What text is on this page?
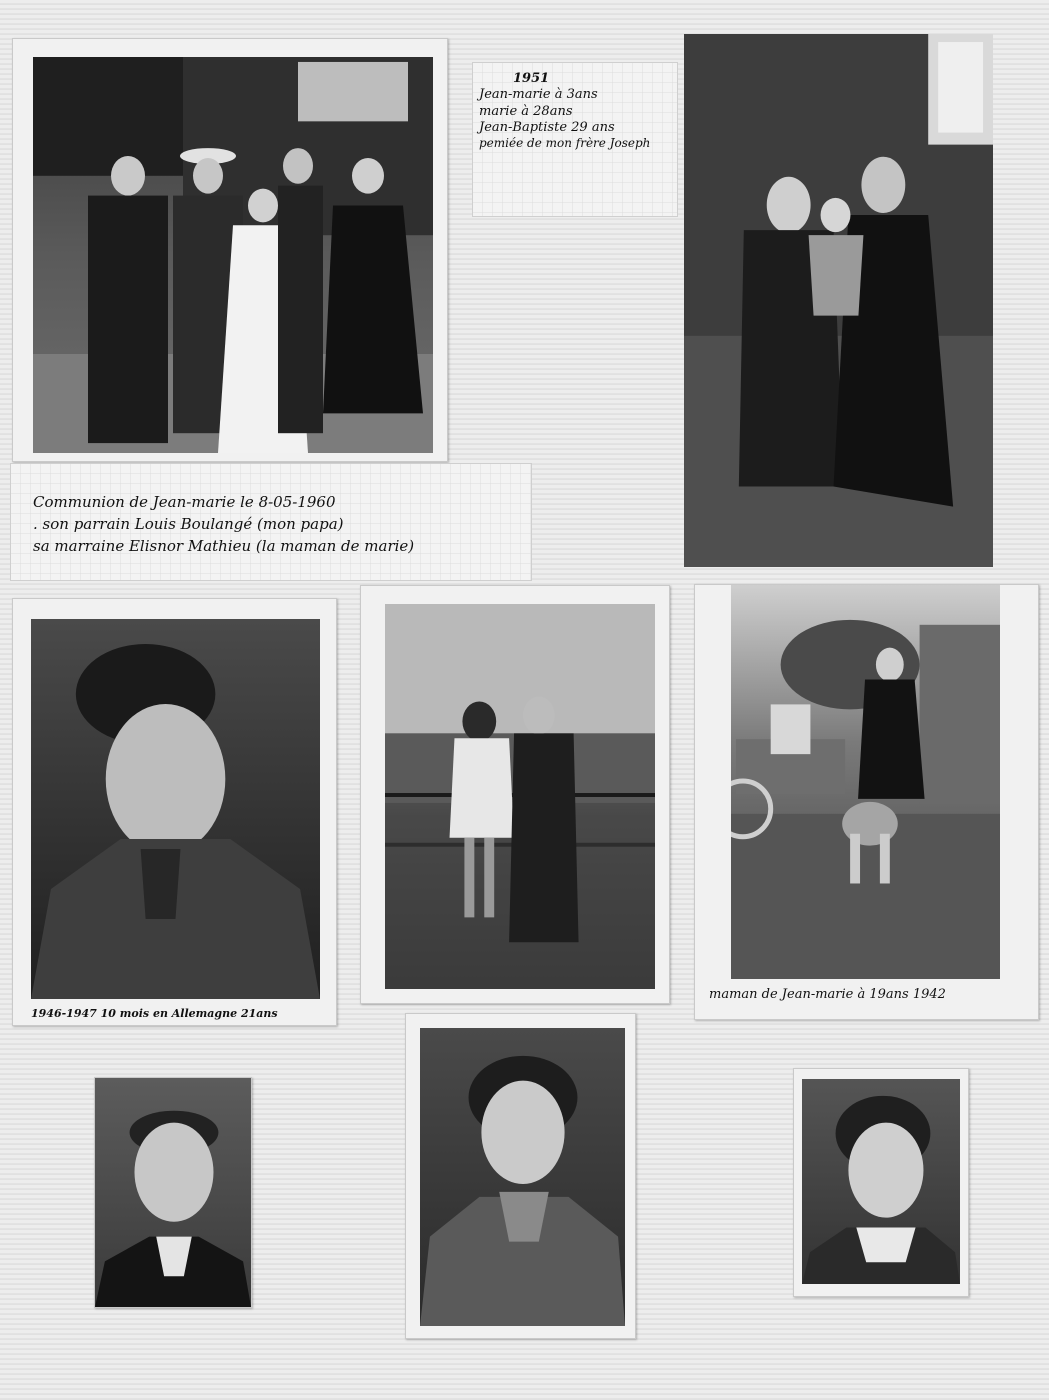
1951
Jean-marie à 3ans
marie à 28ans
Jean-Baptiste 29 ans
pemiée de mon frère Joseph
Communion de Jean-marie le 8-05-1960
. son parrain Louis Boulangé (mon papa)
sa marraine Elisnor Mathieu (la maman de marie)
1946-1947 10 mois en Allemagne 21ans
maman de Jean-marie à 19ans 1942
